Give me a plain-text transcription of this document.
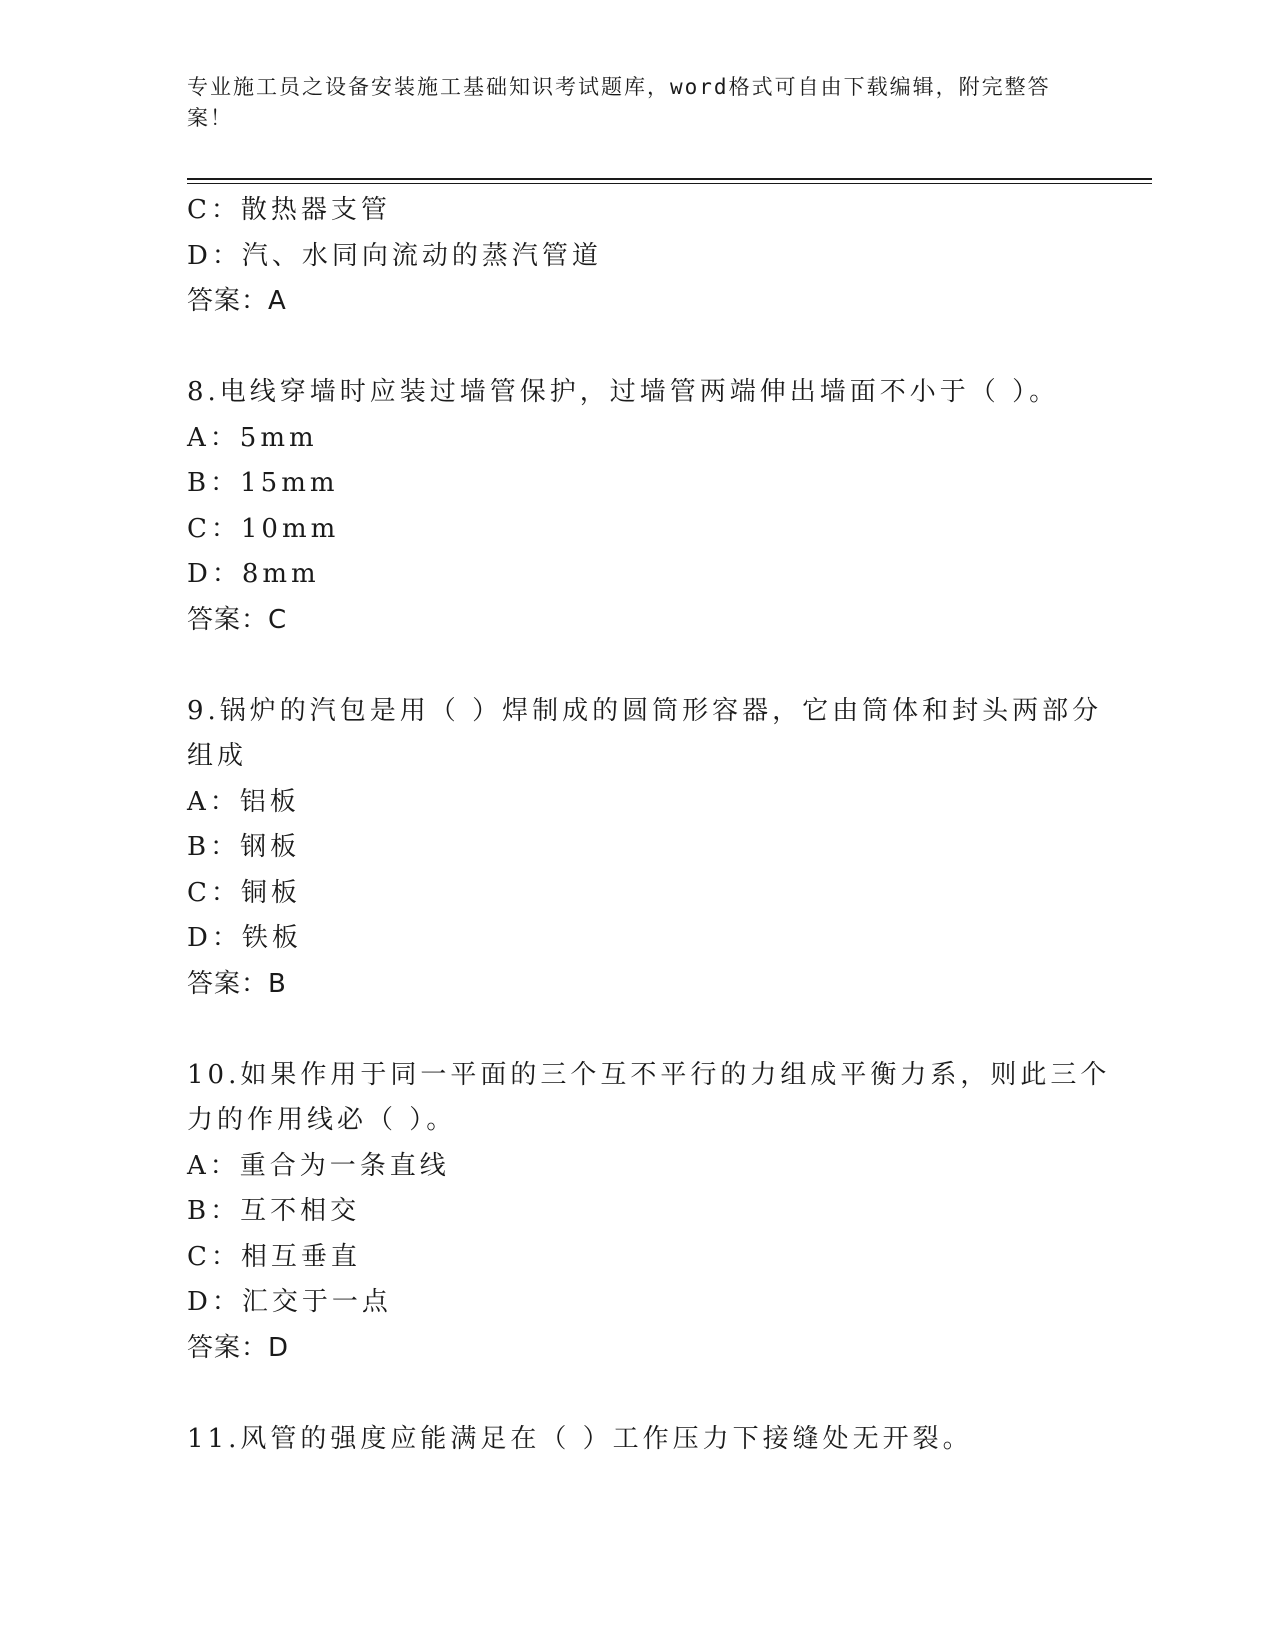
专业施工员之设备安装施工基础知识考试题库，word格式可自由下载编辑，附完整答案！
C：散热器支管
D：汽、水同向流动的蒸汽管道
答案：A
8.电线穿墙时应装过墙管保护，过墙管两端伸出墙面不小于（ ）。
A：5mm
B：15mm
C：10mm
D：8mm
答案：C
9.锅炉的汽包是用（ ）焊制成的圆筒形容器，它由筒体和封头两部分
组成
A：铝板
B：钢板
C：铜板
D：铁板
答案：B
10.如果作用于同一平面的三个互不平行的力组成平衡力系，则此三个
力的作用线必（ ）。
A：重合为一条直线
B：互不相交
C：相互垂直
D：汇交于一点
答案：D
11.风管的强度应能满足在（ ）工作压力下接缝处无开裂。
